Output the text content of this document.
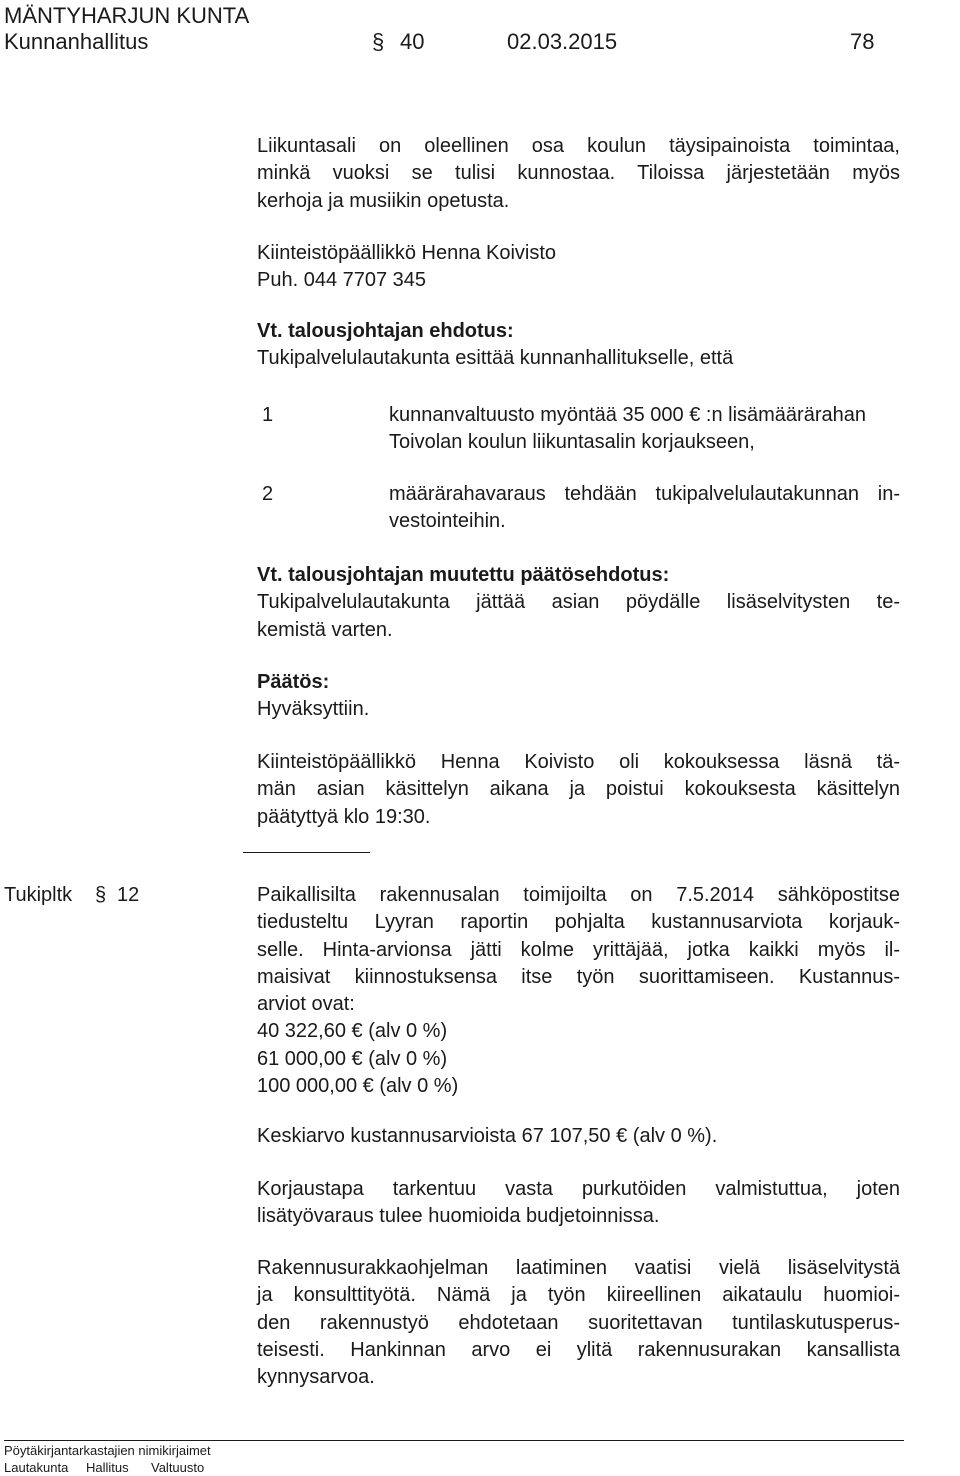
MÄNTYHARJUN KUNTA
Kunnanhallitus	§ 40	02.03.2015	78
Liikuntasali on oleellinen osa koulun täysipainoista toimintaa,
minkä vuoksi se tulisi kunnostaa. Tiloissa järjestetään myös
kerhoja ja musiikin opetusta.
Kiinteistöpäällikkö Henna Koivisto
Puh. 044 7707 345
Vt. talousjohtajan ehdotus:
Tukipalvelulautakunta esittää kunnanhallitukselle, että
1	kunnanvaltuusto myöntää 35 000 € :n lisämäärärahan
Toivolan koulun liikuntasalin korjaukseen,
2	määrärahavaraus tehdään tukipalvelulautakunnan in-
vestointeihin.
Vt. talousjohtajan muutettu päätösehdotus:
Tukipalvelulautakunta jättää asian pöydälle lisäselvitysten te-
kemistä varten.
Päätös:
Hyväksyttiin.
Kiinteistöpäällikkö Henna Koivisto oli kokouksessa läsnä tä-
män asian käsittelyn aikana ja poistui kokouksesta käsittelyn
päätyttyä klo 19:30.
Tukipltk § 12	Paikallisilta rakennusalan toimijoilta on 7.5.2014 sähköpostitse
tiedusteltu Lyyran raportin pohjalta kustannusarviota korjauk-
selle. Hinta-arvionsa jätti kolme yrittäjää, jotka kaikki myös il-
maisivat kiinnostuksensa itse työn suorittamiseen. Kustannus-
arviot ovat:
40 322,60 € (alv 0 %)
61 000,00 € (alv 0 %)
100 000,00 € (alv 0 %)
Keskiarvo kustannusarvioista 67 107,50 € (alv 0 %).
Korjaustapa tarkentuu vasta purkutöiden valmistuttua, joten
lisätyövaraus tulee huomioida budjetoinnissa.
Rakennusurakkaohjelman laatiminen vaatisi vielä lisäselvitystä
ja konsulttityötä. Nämä ja työn kiireellinen aikataulu huomioi-
den rakennustyö ehdotetaan suoritettavan tuntilaskutusperus-
teisesti. Hankinnan arvo ei ylitä rakennusurakan kansallista
kynnysarvoa.
Pöytäkirjantarkastajien nimikirjaimet
Lautakunta Hallitus Valtuusto
